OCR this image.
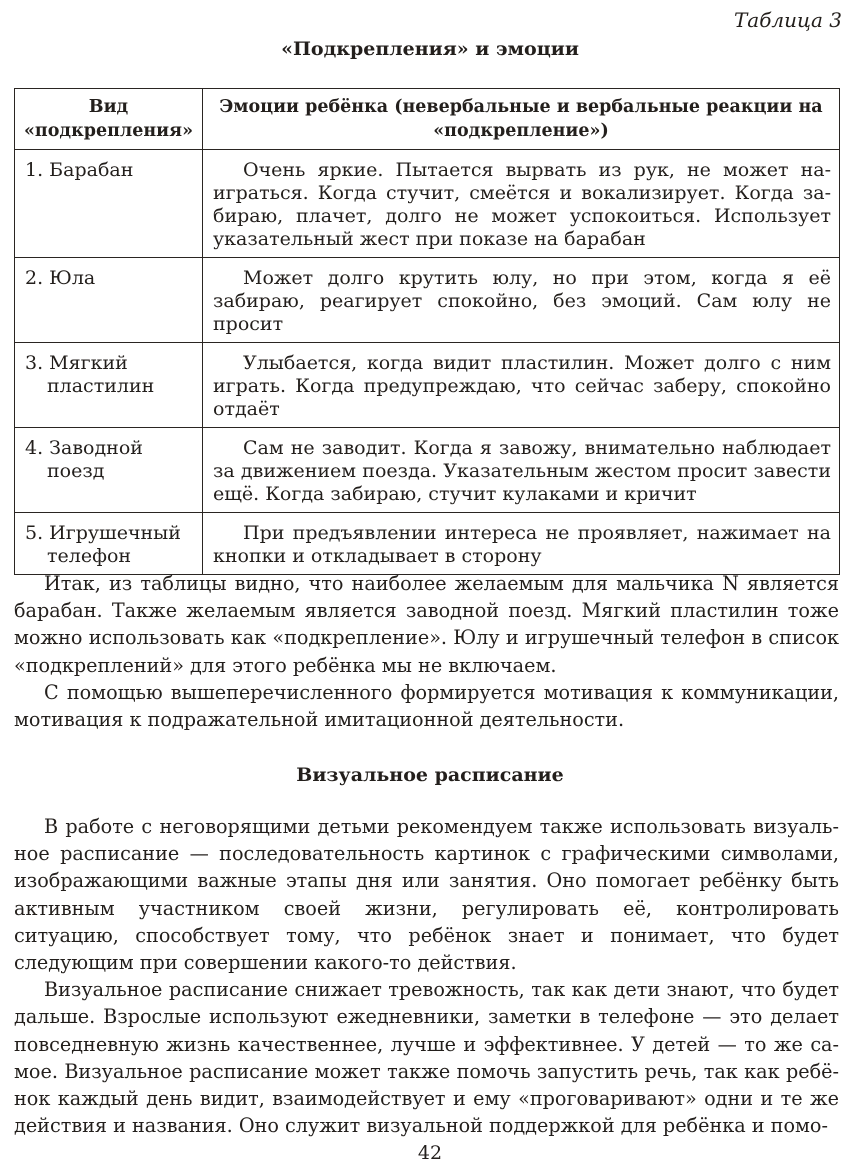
Таблица 3
«Подкрепления» и эмоции
Вид «подкрепления»	Эмоции ребёнка (невербальные и вербальные реакции на «подкрепление»)

1. Барабан	Очень яркие. Пытается вырвать из рук, не может наиграться. Когда стучит, смеётся и вокализирует. Когда забираю, плачет, долго не может успокоиться. Использует указательный жест при показе на барабан

2. Юла	Может долго крутить юлу, но при этом, когда я её забираю, реагирует спокойно, без эмоций. Сам юлу не просит

3. Мягкий
пластилин	Улыбается, когда видит пластилин. Может долго с ним играть. Когда предупреждаю, что сейчас заберу, спокойно отдаёт

4. Заводной
поезд	Сам не заводит. Когда я завожу, внимательно наблюдает за движением поезда. Указательным жестом просит завести ещё. Когда забираю, стучит кулаками и кричит

5. Игрушечный
телефон	При предъявлении интереса не проявляет, нажимает на кнопки и откладывает в сторону

Итак, из таблицы видно, что наиболее желаемым для мальчика N является барабан. Также желаемым является заводной поезд. Мягкий пластилин тоже можно использовать как «подкрепление». Юлу и игрушечный телефон в список «подкреплений» для этого ребёнка мы не включаем.

С помощью вышеперечисленного формируется мотивация к коммуникации, мотивация к подражательной имитационной деятельности.

Визуальное расписание

В работе с неговорящими детьми рекомендуем также использовать визуальное расписание — последовательность картинок с графическими символами, изображающими важные этапы дня или занятия. Оно помогает ребёнку быть активным участником своей жизни, регулировать её, контролировать ситуацию, способствует тому, что ребёнок знает и понимает, что будет следующим при совершении какого-то действия.

Визуальное расписание снижает тревожность, так как дети знают, что будет дальше. Взрослые используют ежедневники, заметки в телефоне — это делает повседневную жизнь качественнее, лучше и эффективнее. У детей — то же самое. Визуальное расписание может также помочь запустить речь, так как ребёнок каждый день видит, взаимодействует и ему «проговаривают» одни и те же действия и названия. Оно служит визуальной поддержкой для ребёнка и помо-

42
